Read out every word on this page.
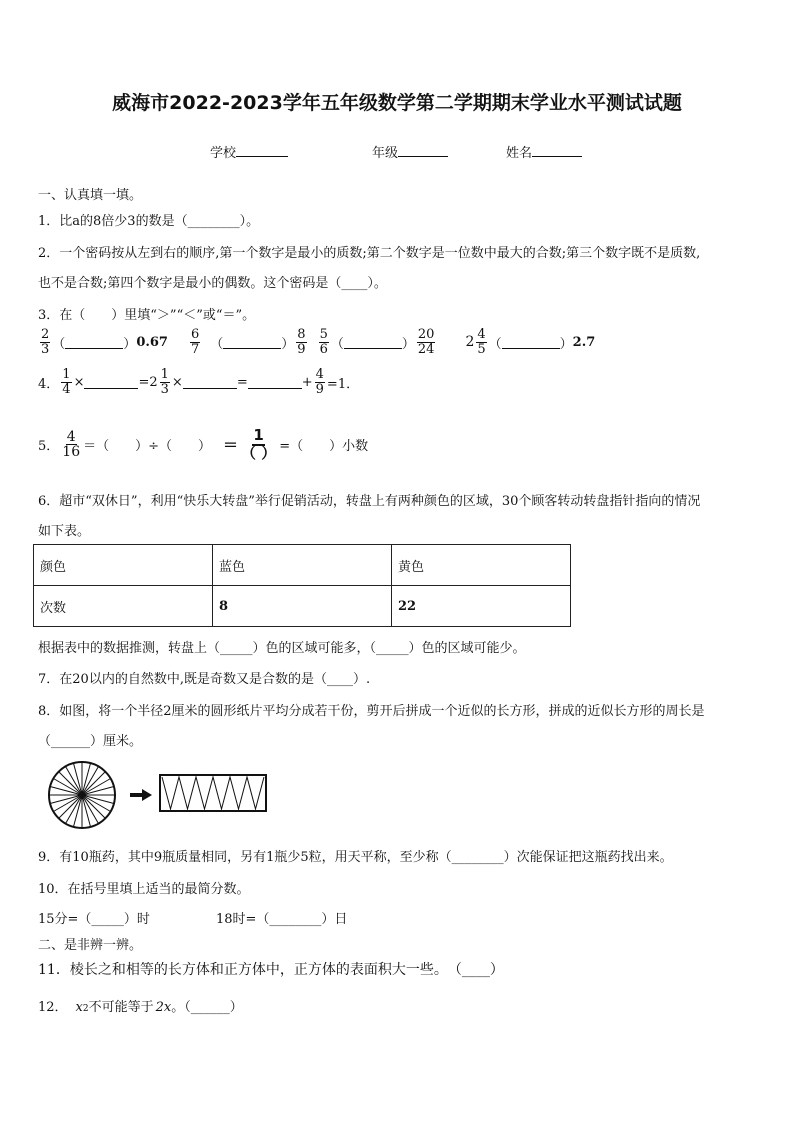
威海市2022-2023学年五年级数学第二学期期末学业水平测试试题
学校	年级	姓名
一、认真填一填。
1．比a的8倍少3的数是（________）。
2．一个密码按从左到右的顺序,第一个数字是最小的质数;第二个数字是一位数中最大的合数;第三个数字既不是质数,
也不是合数;第四个数字是最小的偶数。这个密码是（____）。
3．在（　　）里填“＞”“＜”或“＝”。
$\frac{2}{3}$ （	） $0.67 \frac{6}{7}$ （	） $\frac{8}{9} \frac{5}{6}$ （	） $\frac{20}{24} 2 \frac{4}{5}$ （	） 2.7
4． $\frac{1}{4}$ ×	$=2 \frac{1}{3}$ ×	=	+ $\frac{4}{9} =1$．
5． $\frac{4}{16}$ ＝（　　）÷（　　） ＝ $\frac{1}{( )}$ =（　　）小数
6．超市“双休日”，利用“快乐大转盘”举行促销活动，转盘上有两种颜色的区域，30个顾客转动转盘指针指向的情况
如下表。
颜色	蓝色	黄色
次数	8	22
根据表中的数据推测，转盘上（_____）色的区域可能多，（_____）色的区域可能少。
7．在20以内的自然数中,既是奇数又是合数的是（____）.
8．如图，将一个半径2厘米的圆形纸片平均分成若干份，剪开后拼成一个近似的长方形，拼成的近似长方形的周长是
（______）厘米。
9．有10瓶药，其中9瓶质量相同，另有1瓶少5粒，用天平称，至少称（________）次能保证把这瓶药找出来。
10．在括号里填上适当的最简分数。
15分=（_____）时	18时=（________）日
二、是非辨一辨。
11．棱长之和相等的长方体和正方体中，正方体的表面积大一些。　（____）
12． x 2 不可能等于 2x 。（______）
